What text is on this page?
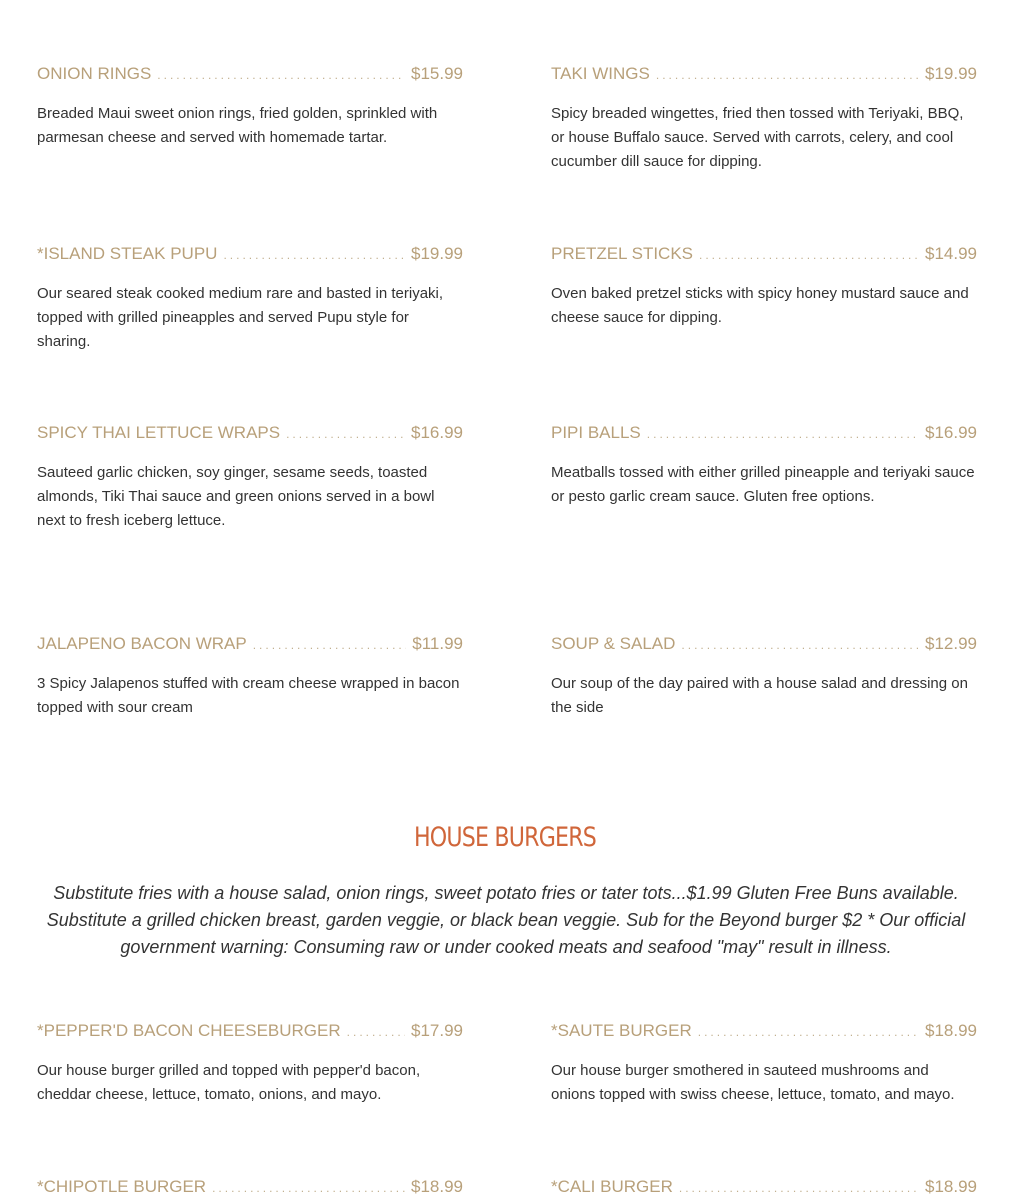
ONION RINGS .....	$15.99
Breaded Maui sweet onion rings, fried golden, sprinkled with parmesan cheese and served with homemade tartar.
TAKI WINGS .....	$19.99
Spicy breaded wingettes, fried then tossed with Teriyaki, BBQ, or house Buffalo sauce. Served with carrots, celery, and cool cucumber dill sauce for dipping.
*ISLAND STEAK PUPU .....	$19.99
Our seared steak cooked medium rare and basted in teriyaki, topped with grilled pineapples and served Pupu style for sharing.
PRETZEL STICKS .....	$14.99
Oven baked pretzel sticks with spicy honey mustard sauce and cheese sauce for dipping.
SPICY THAI LETTUCE WRAPS .....	$16.99
Sauteed garlic chicken, soy ginger, sesame seeds, toasted almonds, Tiki Thai sauce and green onions served in a bowl next to fresh iceberg lettuce.
PIPI BALLS .....	$16.99
Meatballs tossed with either grilled pineapple and teriyaki sauce or pesto garlic cream sauce. Gluten free options.
JALAPENO BACON WRAP .....	$11.99
3 Spicy Jalapenos stuffed with cream cheese wrapped in bacon topped with sour cream
SOUP & SALAD .....	$12.99
Our soup of the day paired with a house salad and dressing on the side
HOUSE BURGERS
Substitute fries with a house salad, onion rings, sweet potato fries or tater tots...$1.99 Gluten Free Buns available. Substitute a grilled chicken breast, garden veggie, or black bean veggie. Sub for the Beyond burger $2 * Our official government warning: Consuming raw or under cooked meats and seafood "may" result in illness.
*PEPPER'D BACON CHEESEBURGER .....	$17.99
Our house burger grilled and topped with pepper'd bacon, cheddar cheese, lettuce, tomato, onions, and mayo.
*SAUTE BURGER .....	$18.99
Our house burger smothered in sauteed mushrooms and onions topped with swiss cheese, lettuce, tomato, and mayo.
*CHIPOTLE BURGER .....	$18.99	*CALI BURGER .....	$18.99
